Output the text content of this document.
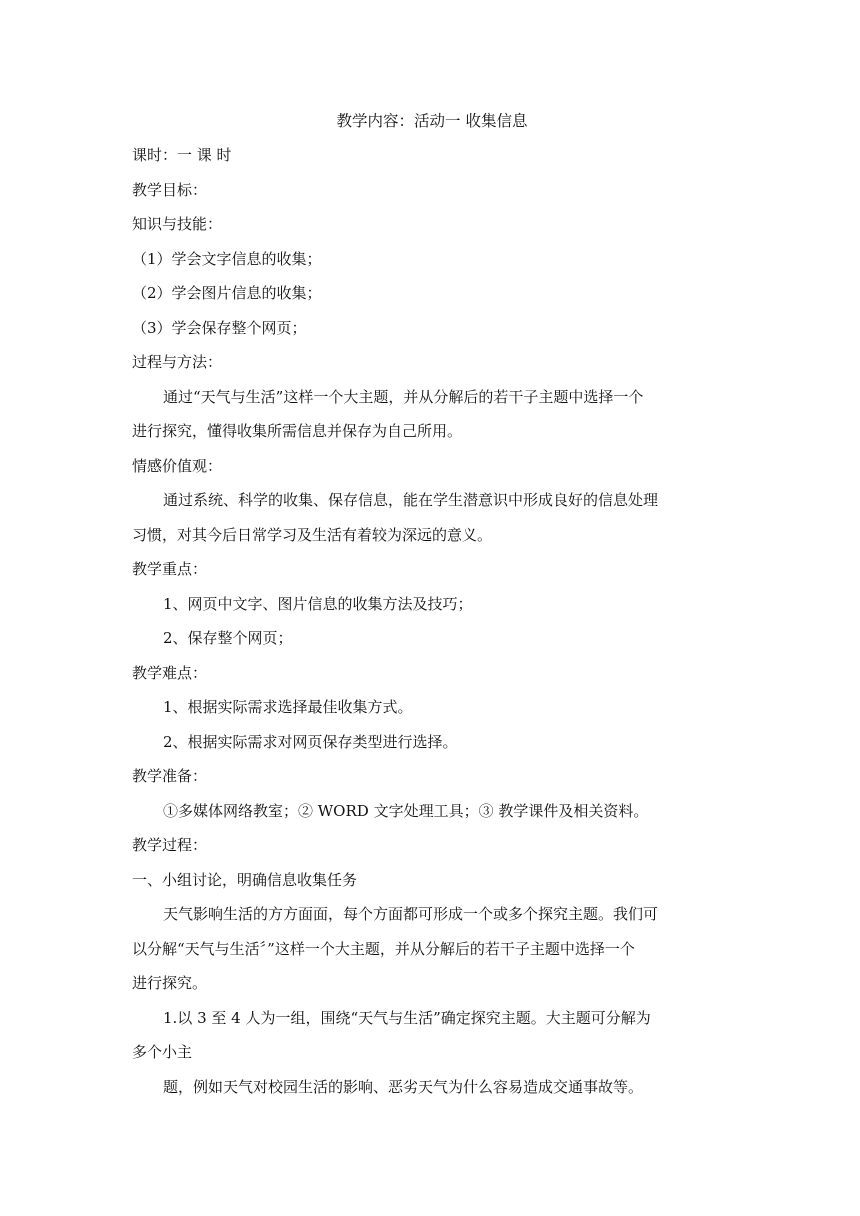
教学内容：活动一 收集信息
课时：一 课 时
教学目标：
知识与技能：
（1）学会文字信息的收集；
（2）学会图片信息的收集；
（3）学会保存整个网页；
过程与方法：
通过“天气与生活”这样一个大主题，并从分解后的若干子主题中选择一个
进行探究，懂得收集所需信息并保存为自己所用。
情感价值观：
通过系统、科学的收集、保存信息，能在学生潜意识中形成良好的信息处理
习惯，对其今后日常学习及生活有着较为深远的意义。
教学重点：
1、网页中文字、图片信息的收集方法及技巧；
2、保存整个网页；
教学难点：
1、根据实际需求选择最佳收集方式。
2、根据实际需求对网页保存类型进行选择。
教学准备：
①多媒体网络教室；② WORD 文字处理工具；③ 教学课件及相关资料。
教学过程：
一、小组讨论，明确信息收集任务
天气影响生活的方方面面，每个方面都可形成一个或多个探究主题。我们可
以分解“天气与生活〞”这样一个大主题，并从分解后的若干子主题中选择一个
进行探究。
1.以 3 至 4 人为一组，围绕“天气与生活”确定探究主题。大主题可分解为
多个小主
题，例如天气对校园生活的影响、恶劣天气为什么容易造成交通事故等。
